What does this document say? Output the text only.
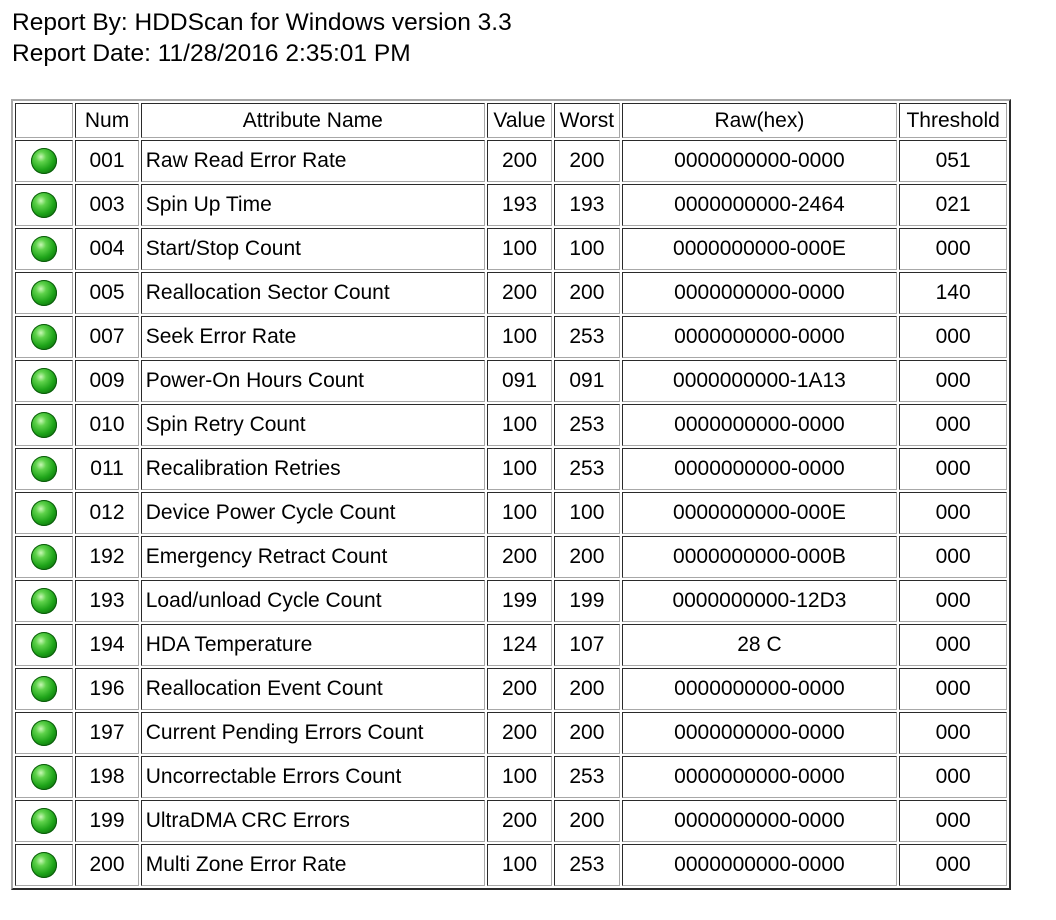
Report By: HDDScan for Windows version 3.3
Report Date: 11/28/2016 2:35:01 PM
	Num	Attribute Name	Value	Worst	Raw(hex)	Threshold
	001	Raw Read Error Rate	200	200	0000000000-0000	051
	003	Spin Up Time	193	193	0000000000-2464	021
	004	Start/Stop Count	100	100	0000000000-000E	000
	005	Reallocation Sector Count	200	200	0000000000-0000	140
	007	Seek Error Rate	100	253	0000000000-0000	000
	009	Power-On Hours Count	091	091	0000000000-1A13	000
	010	Spin Retry Count	100	253	0000000000-0000	000
	011	Recalibration Retries	100	253	0000000000-0000	000
	012	Device Power Cycle Count	100	100	0000000000-000E	000
	192	Emergency Retract Count	200	200	0000000000-000B	000
	193	Load/unload Cycle Count	199	199	0000000000-12D3	000
	194	HDA Temperature	124	107	28 C	000
	196	Reallocation Event Count	200	200	0000000000-0000	000
	197	Current Pending Errors Count	200	200	0000000000-0000	000
	198	Uncorrectable Errors Count	100	253	0000000000-0000	000
	199	UltraDMA CRC Errors	200	200	0000000000-0000	000
	200	Multi Zone Error Rate	100	253	0000000000-0000	000
